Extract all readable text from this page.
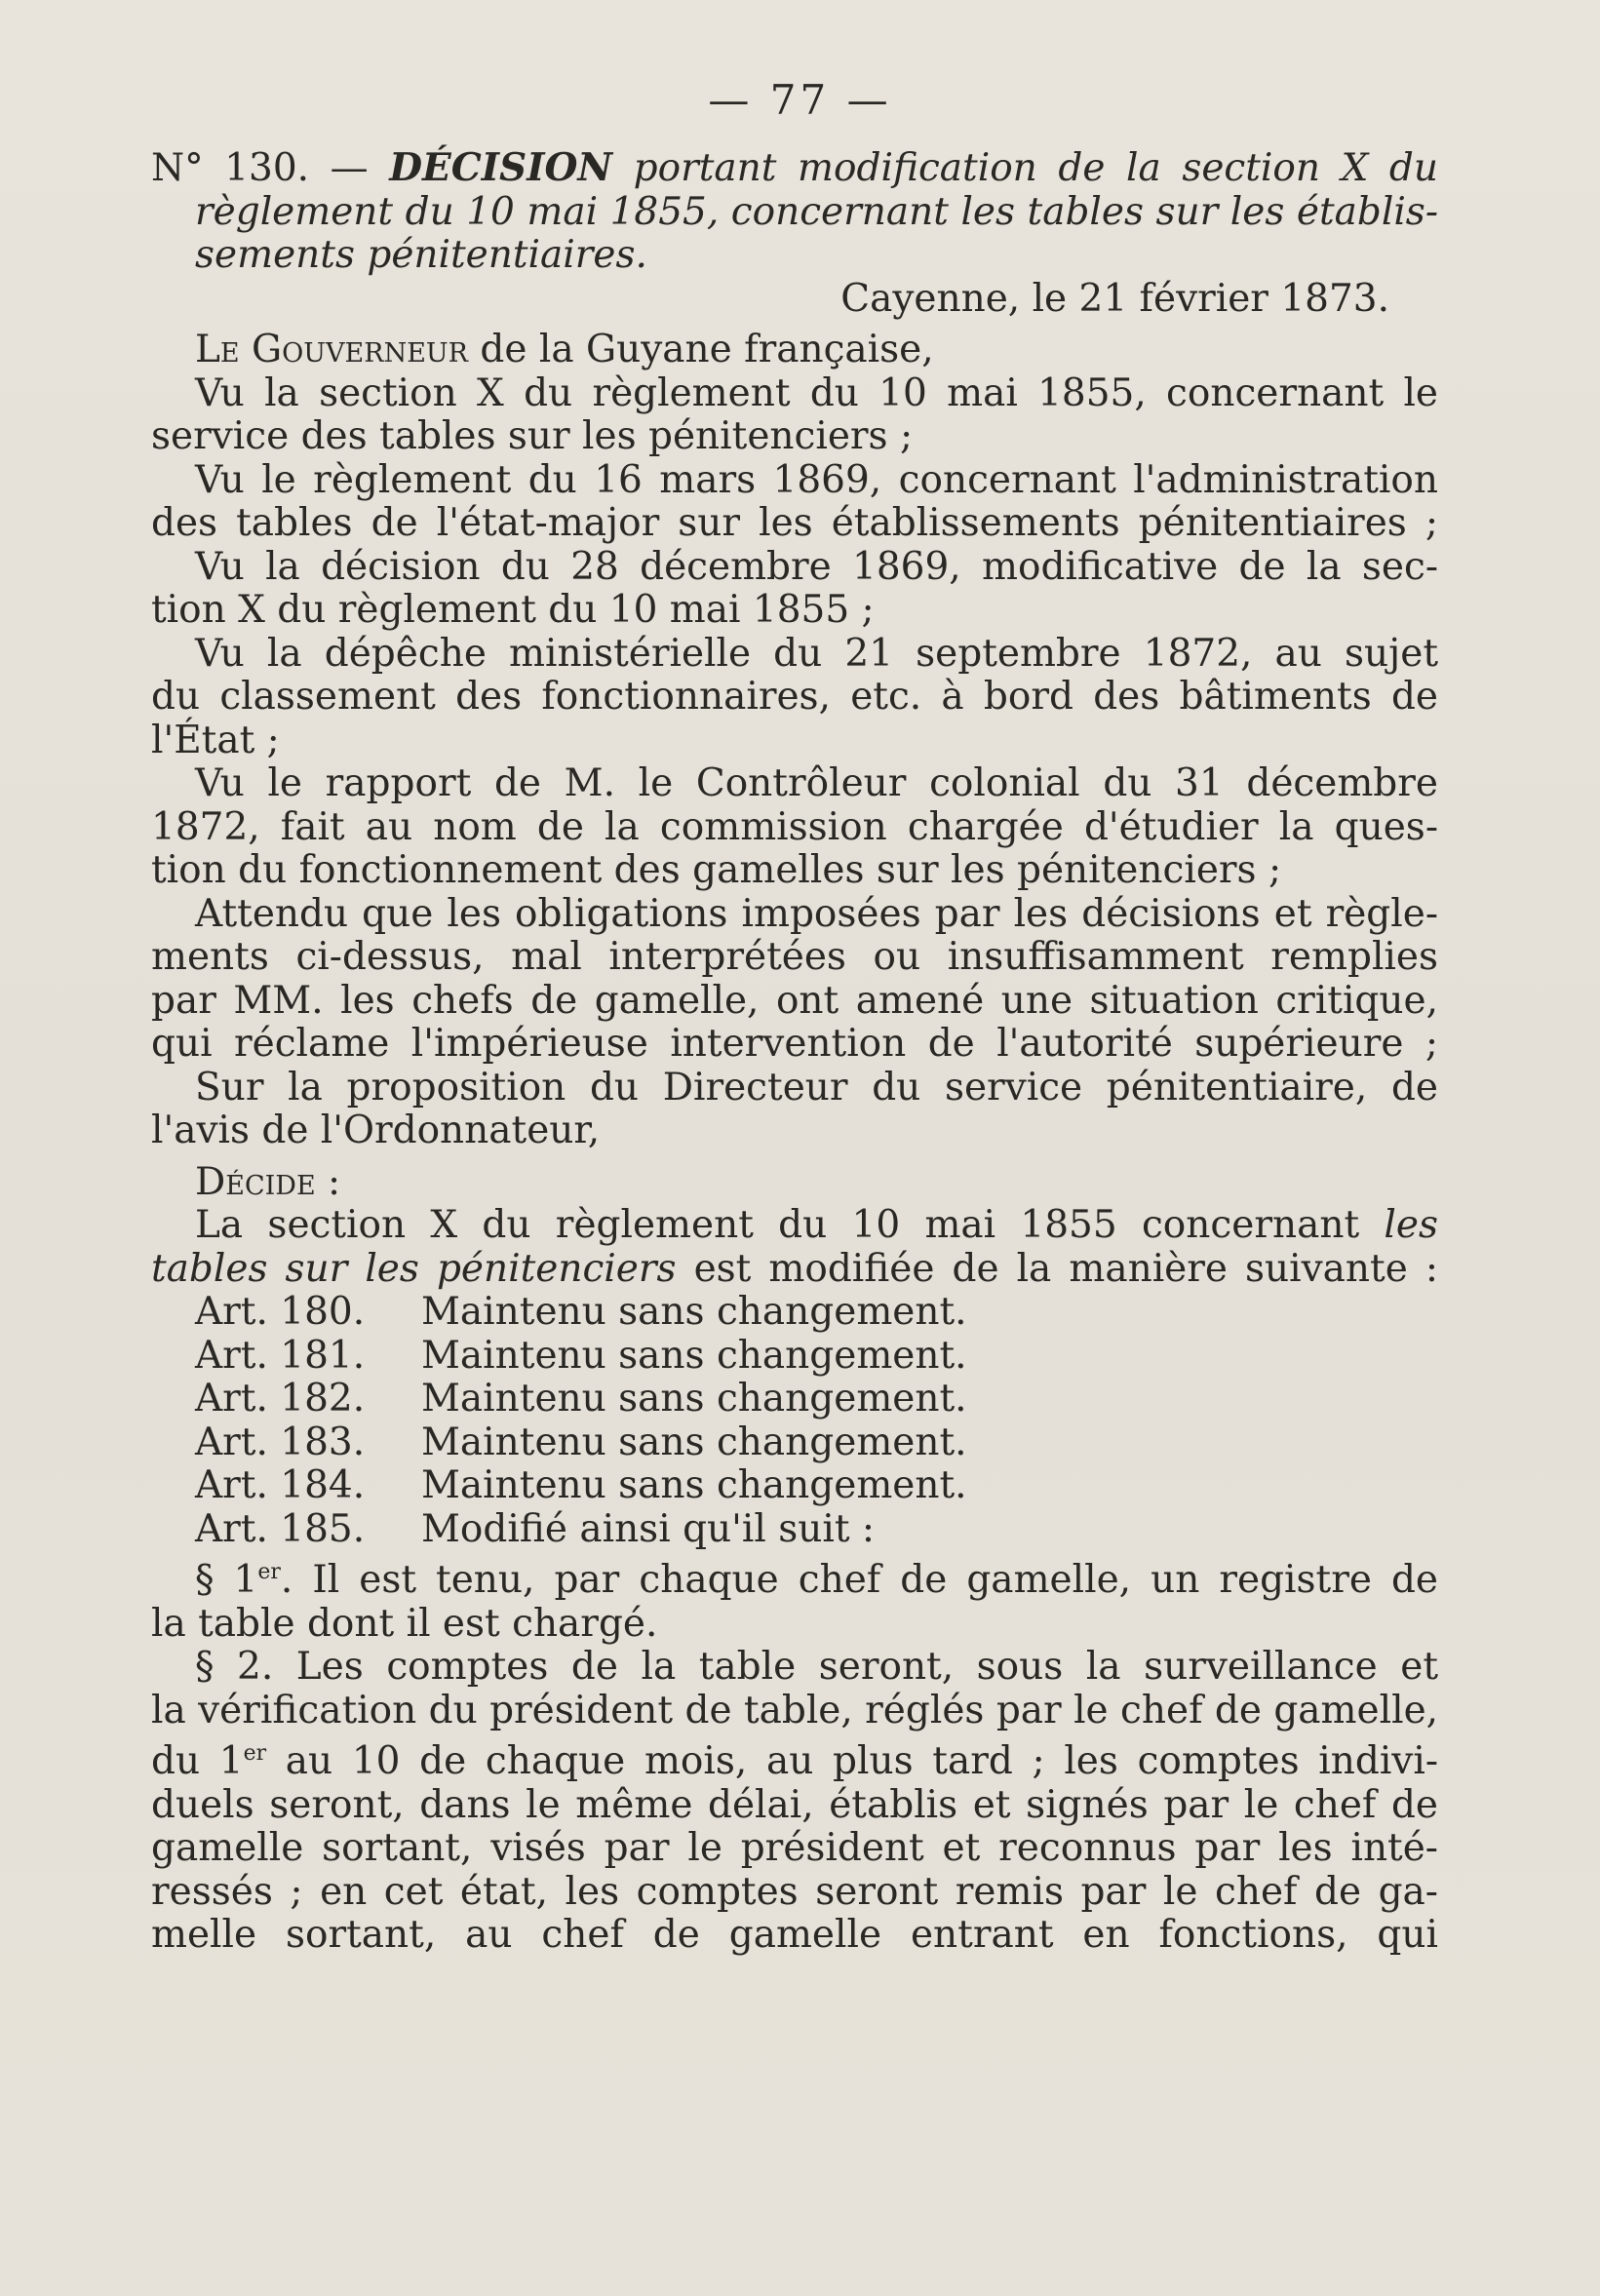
— 77 —
N° 130. — DÉCISION portant modification de la section X du
règlement du 10 mai 1855, concernant les tables sur les établis-
sements pénitentiaires.
Cayenne, le 21 février 1873.
Le Gouverneur de la Guyane française,
Vu la section X du règlement du 10 mai 1855, concernant le
service des tables sur les pénitenciers ;
Vu le règlement du 16 mars 1869, concernant l'administration
des tables de l'état-major sur les établissements pénitentiaires ;
Vu la décision du 28 décembre 1869, modificative de la sec-
tion X du règlement du 10 mai 1855 ;
Vu la dépêche ministérielle du 21 septembre 1872, au sujet
du classement des fonctionnaires, etc. à bord des bâtiments de
l'État ;
Vu le rapport de M. le Contrôleur colonial du 31 décembre
1872, fait au nom de la commission chargée d'étudier la ques-
tion du fonctionnement des gamelles sur les pénitenciers ;
Attendu que les obligations imposées par les décisions et règle-
ments ci-dessus, mal interprétées ou insuffisamment remplies
par MM. les chefs de gamelle, ont amené une situation critique,
qui réclame l'impérieuse intervention de l'autorité supérieure ;
Sur la proposition du Directeur du service pénitentiaire, de
l'avis de l'Ordonnateur,
Décide :
La section X du règlement du 10 mai 1855 concernant les
tables sur les pénitenciers est modifiée de la manière suivante :
Art. 180. Maintenu sans changement.
Art. 181. Maintenu sans changement.
Art. 182. Maintenu sans changement.
Art. 183. Maintenu sans changement.
Art. 184. Maintenu sans changement.
Art. 185. Modifié ainsi qu'il suit :
§ 1er. Il est tenu, par chaque chef de gamelle, un registre de
la table dont il est chargé.
§ 2. Les comptes de la table seront, sous la surveillance et
la vérification du président de table, réglés par le chef de gamelle,
du 1er au 10 de chaque mois, au plus tard ; les comptes indivi-
duels seront, dans le même délai, établis et signés par le chef de
gamelle sortant, visés par le président et reconnus par les inté-
ressés ; en cet état, les comptes seront remis par le chef de ga-
melle sortant, au chef de gamelle entrant en fonctions, qui
